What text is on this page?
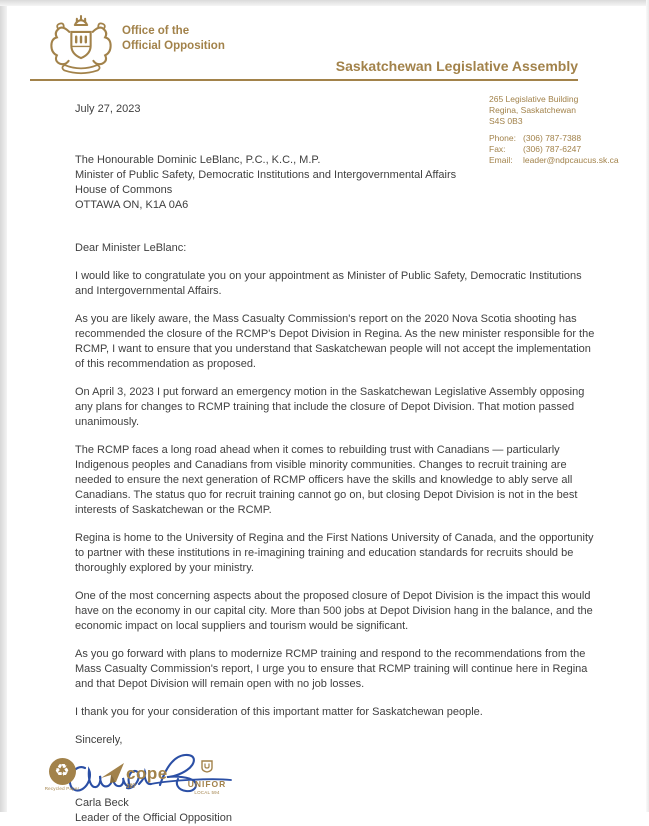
Office of the
Official Opposition
Saskatchewan Legislative Assembly
265 Legislative Building
Regina, Saskatchewan
S4S 0B3
Phone: (306) 787-7388
Fax:	(306) 787-6247
Email:	leader@ndpcaucus.sk.ca
July 27, 2023
The Honourable Dominic LeBlanc, P.C., K.C., M.P.
Minister of Public Safety, Democratic Institutions and Intergovernmental Affairs
House of Commons
OTTAWA ON, K1A 0A6
Dear Minister LeBlanc:

I would like to congratulate you on your appointment as Minister of Public Safety, Democratic Institutions and Intergovernmental Affairs.

As you are likely aware, the Mass Casualty Commission's report on the 2020 Nova Scotia shooting has recommended the closure of the RCMP's Depot Division in Regina. As the new minister responsible for the RCMP, I want to ensure that you understand that Saskatchewan people will not accept the implementation of this recommendation as proposed.

On April 3, 2023 I put forward an emergency motion in the Saskatchewan Legislative Assembly opposing any plans for changes to RCMP training that include the closure of Depot Division. That motion passed unanimously.

The RCMP faces a long road ahead when it comes to rebuilding trust with Canadians — particularly Indigenous peoples and Canadians from visible minority communities. Changes to recruit training are needed to ensure the next generation of RCMP officers have the skills and knowledge to ably serve all Canadians. The status quo for recruit training cannot go on, but closing Depot Division is not in the best interests of Saskatchewan or the RCMP.

Regina is home to the University of Regina and the First Nations University of Canada, and the opportunity to partner with these institutions in re-imagining training and education standards for recruits should be thoroughly explored by your ministry.

One of the most concerning aspects about the proposed closure of Depot Division is the impact this would have on the economy in our capital city. More than 500 jobs at Depot Division hang in the balance, and the economic impact on local suppliers and tourism would be significant.

As you go forward with plans to modernize RCMP training and respond to the recommendations from the Mass Casualty Commission's report, I urge you to ensure that RCMP training will continue here in Regina and that Depot Division will remain open with no job losses.

I thank you for your consideration of this important matter for Saskatchewan people.

Sincerely,
Carla Beck
Leader of the Official Opposition
♻
Recycled Paper
cope
397	UNIFOR
LOCAL 594
